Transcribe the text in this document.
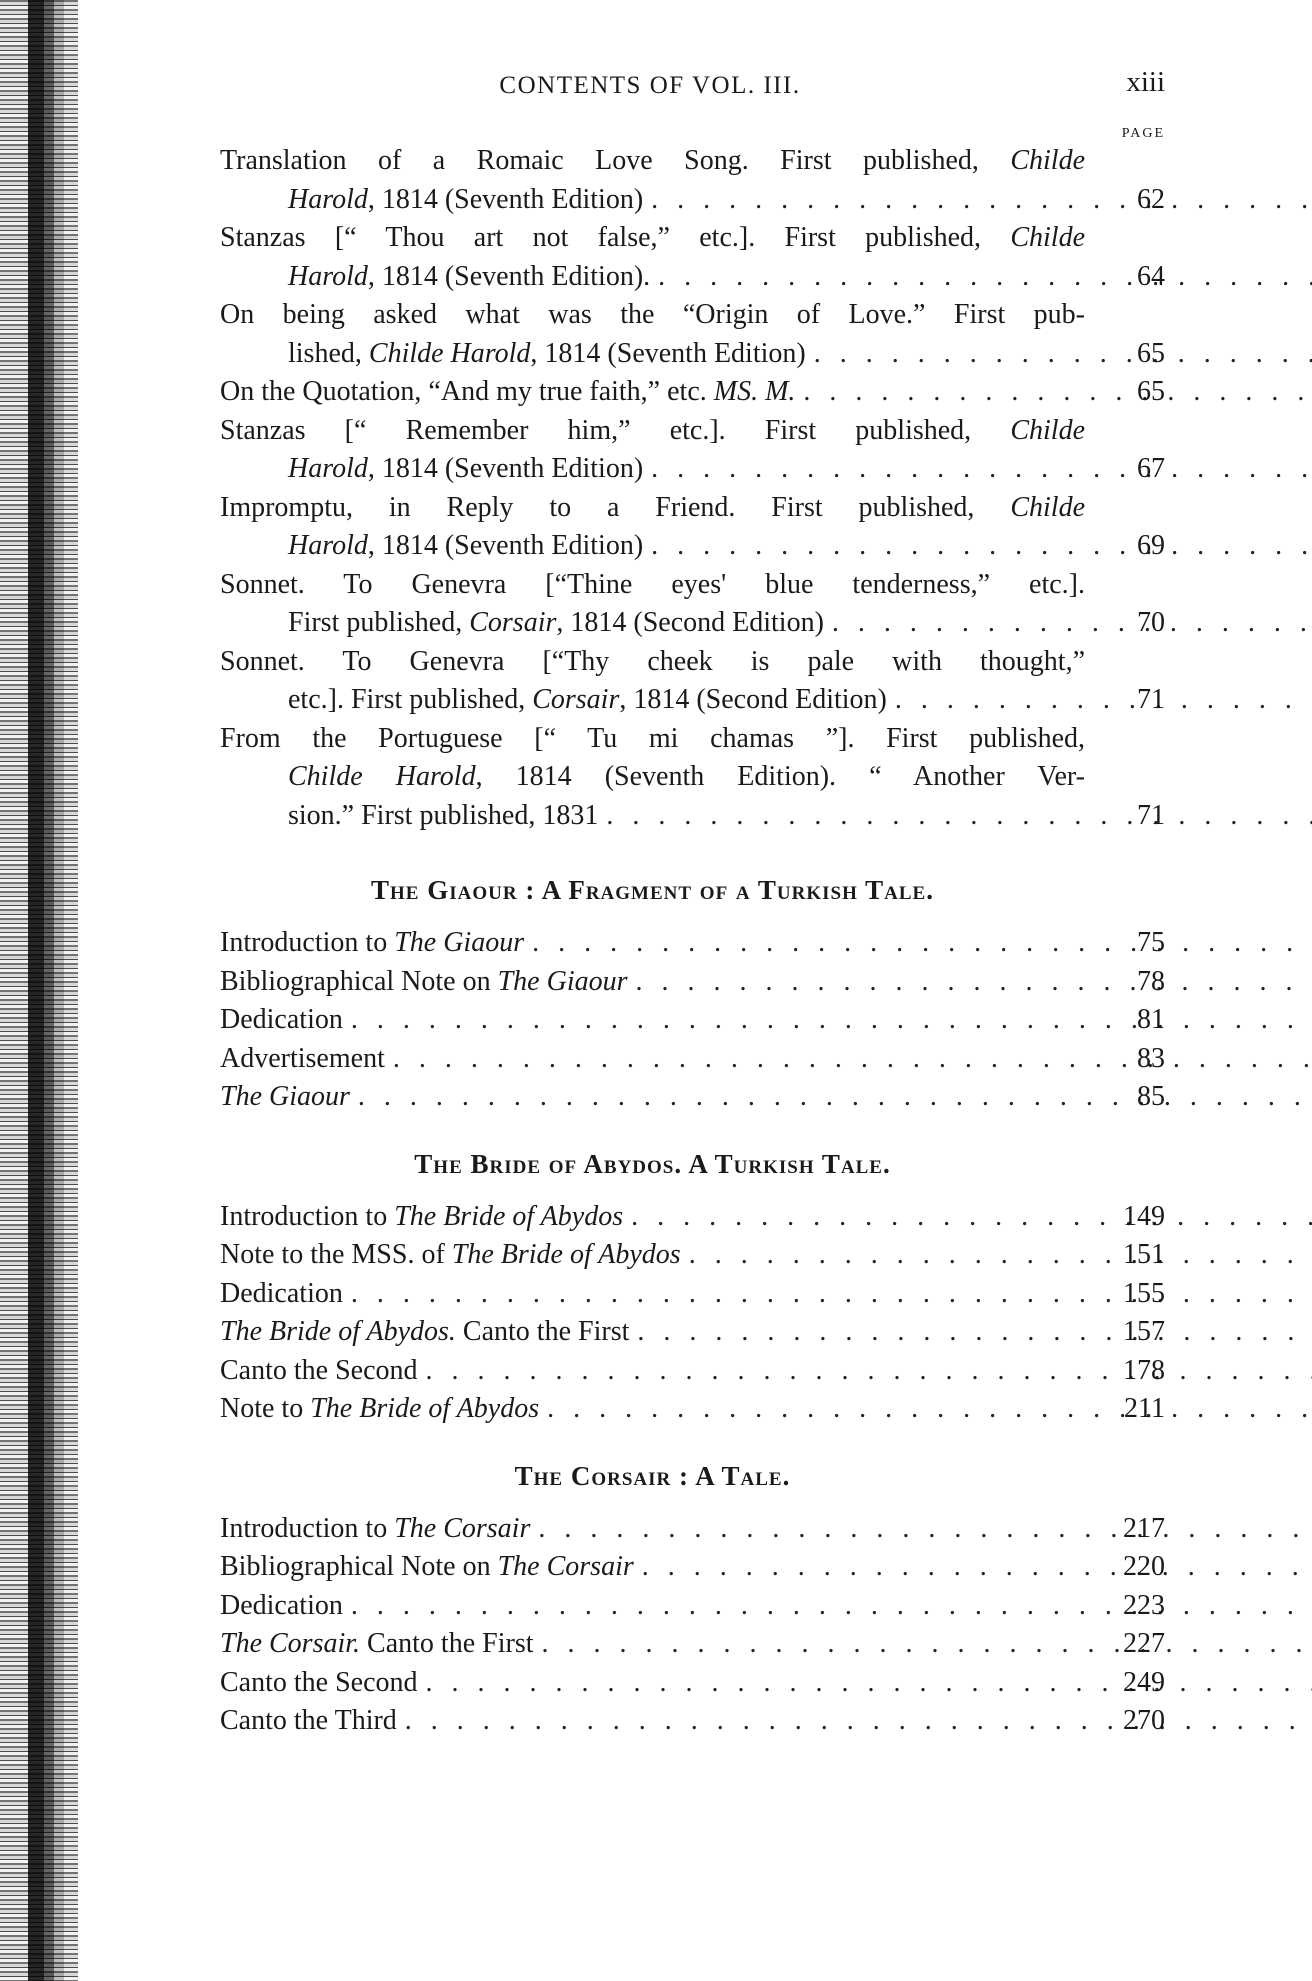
CONTENTS OF VOL. III.	xiii
PAGE
Translation of a Romaic Love Song. First published, Childe
Harold, 1814 (Seventh Edition) . . .	62
Stanzas [“ Thou art not false,” etc.]. First published, Childe
Harold, 1814 (Seventh Edition). . . .	64
On being asked what was the “Origin of Love.” First pub-
lished, Childe Harold, 1814 (Seventh Edition) . . .	65
On the Quotation, “And my true faith,” etc. MS. M. . . .	65
Stanzas [“ Remember him,” etc.]. First published, Childe
Harold, 1814 (Seventh Edition) . . .	67
Impromptu, in Reply to a Friend. First published, Childe
Harold, 1814 (Seventh Edition) . . .	69
Sonnet. To Genevra [“Thine eyes' blue tenderness,” etc.].
First published, Corsair, 1814 (Second Edition) . . .	70
Sonnet. To Genevra [“Thy cheek is pale with thought,”
etc.]. First published, Corsair, 1814 (Second Edition) . . .	71
From the Portuguese [“ Tu mi chamas ”]. First published,
Childe Harold, 1814 (Seventh Edition). “ Another Ver-
sion.” First published, 1831 . . .	71
The Giaour : A Fragment of a Turkish Tale.
Introduction to The Giaour . . .	75
Bibliographical Note on The Giaour . . .	78
Dedication . . .	81
Advertisement . . .	83
The Giaour . . .	85
The Bride of Abydos. A Turkish Tale.
Introduction to The Bride of Abydos . . .	149
Note to the MSS. of The Bride of Abydos . . .	151
Dedication . . .	155
The Bride of Abydos. Canto the First . . .	157
Canto the Second . . .	178
Note to The Bride of Abydos . . .	211
The Corsair : A Tale.
Introduction to The Corsair . . .	217
Bibliographical Note on The Corsair . . .	220
Dedication . . .	223
The Corsair. Canto the First . . .	227
Canto the Second . . .	249
Canto the Third . . .	270
